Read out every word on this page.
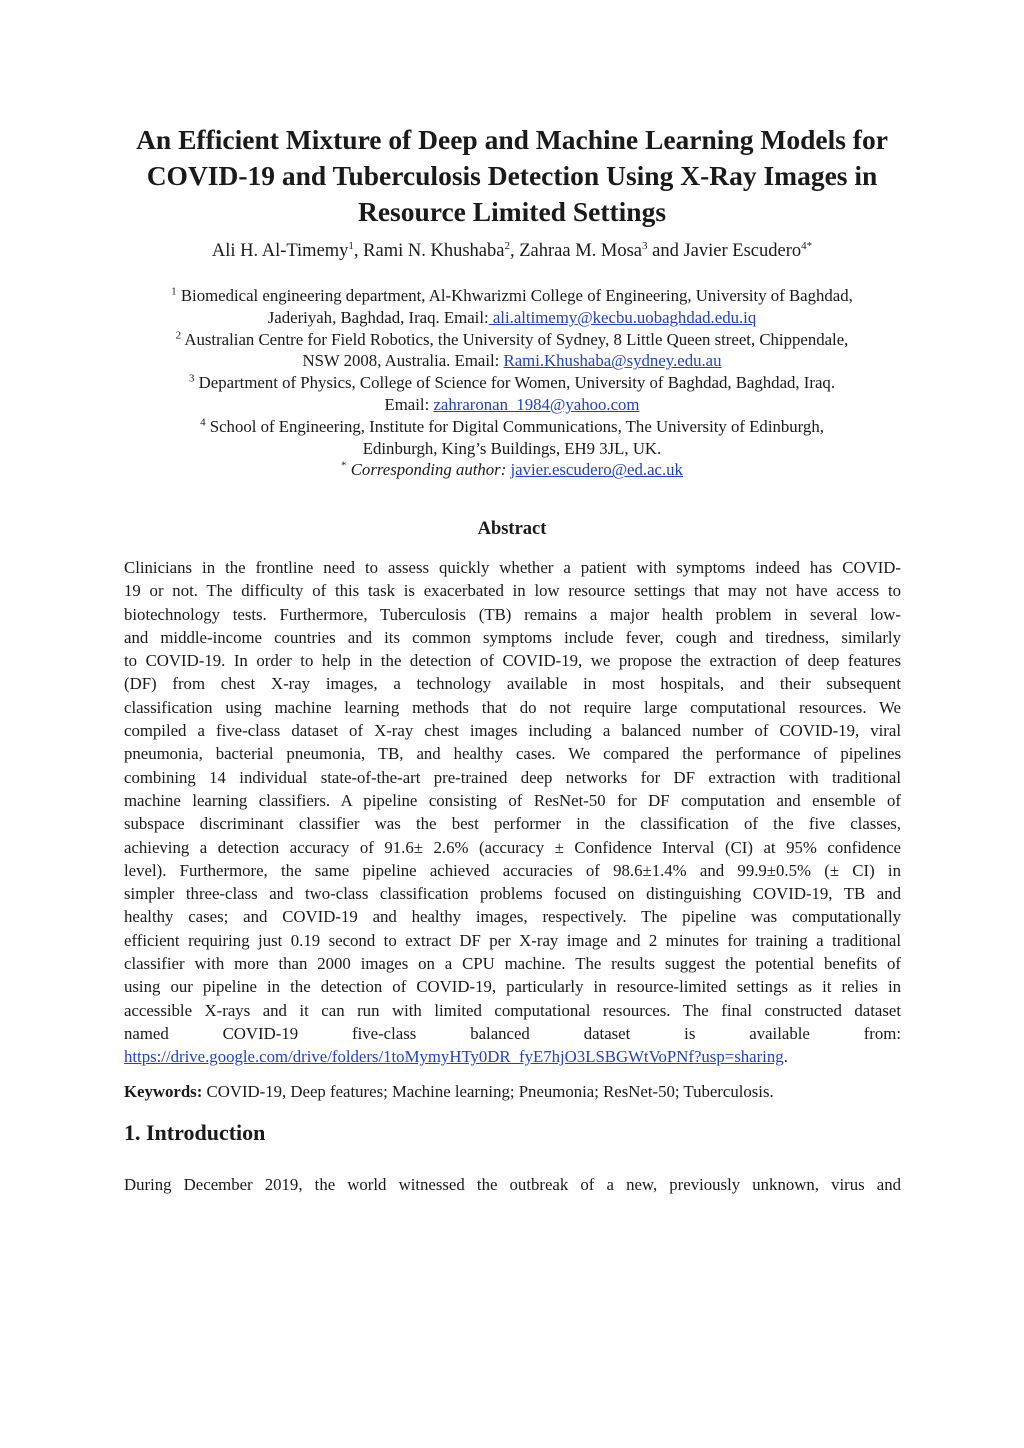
An Efficient Mixture of Deep and Machine Learning Models for
COVID-19 and Tuberculosis Detection Using X-Ray Images in
Resource Limited Settings
Ali H. Al-Timemy$^1$, Rami N. Khushaba$^2$, Zahraa M. Mosa$^3$ and Javier Escudero$^{4*}$
$^1$ Biomedical engineering department, Al-Khwarizmi College of Engineering, University of Baghdad,
Jaderiyah, Baghdad, Iraq. Email: ali.altimemy@kecbu.uobaghdad.edu.iq
$^2$ Australian Centre for Field Robotics, the University of Sydney, 8 Little Queen street, Chippendale,
NSW 2008, Australia. Email: Rami.Khushaba@sydney.edu.au
$^3$ Department of Physics, College of Science for Women, University of Baghdad, Baghdad, Iraq.
Email: zahraronan_1984@yahoo.com
$^4$ School of Engineering, Institute for Digital Communications, The University of Edinburgh,
Edinburgh, King’s Buildings, EH9 3JL, UK.
* Corresponding author: javier.escudero@ed.ac.uk
Abstract
Clinicians in the frontline need to assess quickly whether a patient with symptoms indeed has COVID-
19 or not. The difficulty of this task is exacerbated in low resource settings that may not have access to
biotechnology tests. Furthermore, Tuberculosis (TB) remains a major health problem in several low-
and middle-income countries and its common symptoms include fever, cough and tiredness, similarly
to COVID-19. In order to help in the detection of COVID-19, we propose the extraction of deep features
(DF) from chest X-ray images, a technology available in most hospitals, and their subsequent
classification using machine learning methods that do not require large computational resources. We
compiled a five-class dataset of X-ray chest images including a balanced number of COVID-19, viral
pneumonia, bacterial pneumonia, TB, and healthy cases. We compared the performance of pipelines
combining 14 individual state-of-the-art pre-trained deep networks for DF extraction with traditional
machine learning classifiers. A pipeline consisting of ResNet-50 for DF computation and ensemble of
subspace discriminant classifier was the best performer in the classification of the five classes,
achieving a detection accuracy of 91.6± 2.6% (accuracy ± Confidence Interval (CI) at 95% confidence
level). Furthermore, the same pipeline achieved accuracies of 98.6±1.4% and 99.9±0.5% (± CI) in
simpler three-class and two-class classification problems focused on distinguishing COVID-19, TB and
healthy cases; and COVID-19 and healthy images, respectively. The pipeline was computationally
efficient requiring just 0.19 second to extract DF per X-ray image and 2 minutes for training a traditional
classifier with more than 2000 images on a CPU machine. The results suggest the potential benefits of
using our pipeline in the detection of COVID-19, particularly in resource-limited settings as it relies in
accessible X-rays and it can run with limited computational resources. The final constructed dataset
named COVID-19 five-class balanced dataset is available from:
https://drive.google.com/drive/folders/1toMymyHTy0DR_fyE7hjO3LSBGWtVoPNf?usp=sharing.
Keywords: COVID-19, Deep features; Machine learning; Pneumonia; ResNet-50; Tuberculosis.
1. Introduction
During December 2019, the world witnessed the outbreak of a new, previously unknown, virus and
